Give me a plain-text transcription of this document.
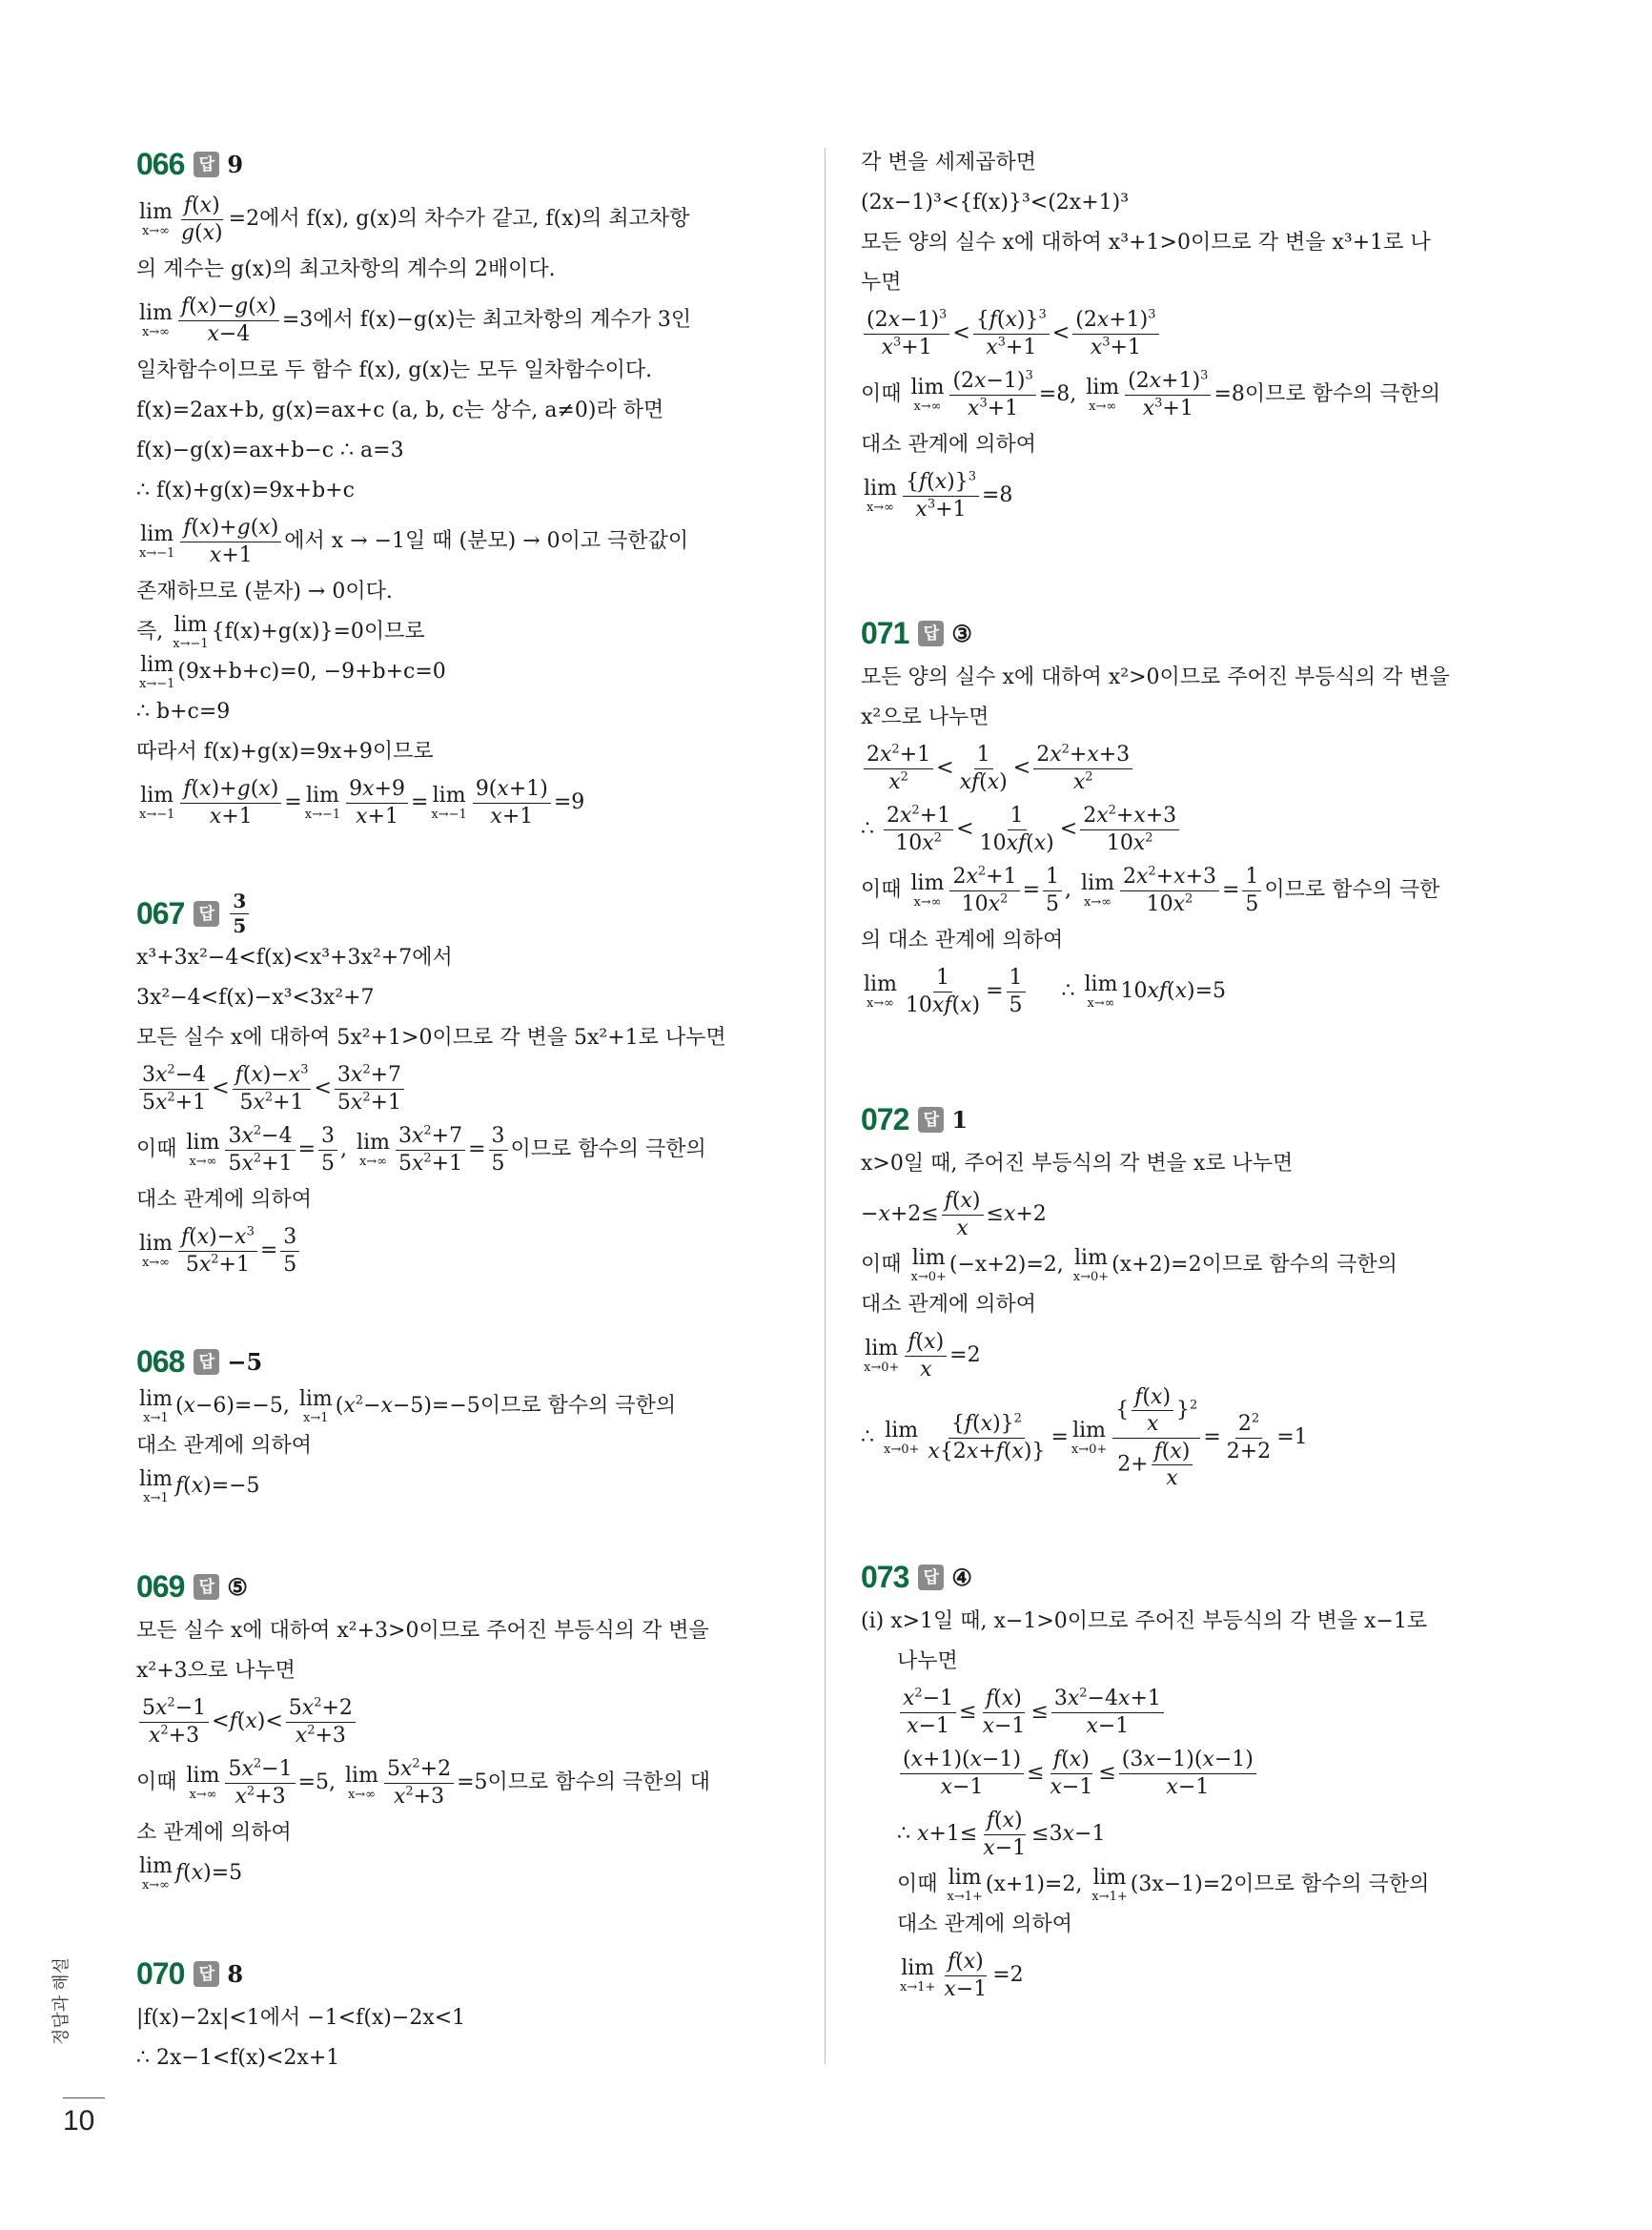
066 답 9
lim
$x\to\infty \frac{f(x)}{g(x)} =2$에서 f(x), g(x)의 차수가 같고, f(x)의 최고차항
의 계수는 g(x)의 최고차항의 계수의 2배이다.
lim
$x\to\infty \frac{f(x)-g(x)}{x-4} =3$에서 f(x)−g(x)는 최고차항의 계수가 3인
일차함수이므로 두 함수 f(x), g(x)는 모두 일차함수이다.
f(x)=2ax+b, g(x)=ax+c (a, b, c는 상수, a≠0)라 하면
f(x)−g(x)=ax+b−c ∴ a=3
∴ f(x)+g(x)=9x+b+c
lim
$x\to-1 \frac{f(x)+g(x)}{x+1}$ 에서 x → −1일 때 (분모) → 0이고 극한값이
존재하므로 (분자) → 0이다.
즉, lim
x→−1 {f(x)+g(x)}=0이므로
lim
x→−1 (9x+b+c)=0, −9+b+c=0
∴ b+c=9
따라서 f(x)+g(x)=9x+9이므로
lim
$x\to-1 \frac{f(x)+g(x)}{x+1} = \lim$
$x\to-1 \frac{9x+9}{x+1} = \lim$
$x\to-1 \frac{9(x+1)}{x+1} =9$
067 답 $\frac{3}{5}$
x³+3x²−4<f(x)<x³+3x²+7에서
3x²−4<f(x)−x³<3x²+7
모든 실수 x에 대하여 5x²+1>0이므로 각 변을 5x²+1로 나누면
$\frac{3x^2-4}{5x^2+1} < \frac{f(x)-x^3}{5x^2+1} < \frac{3x^2+7}{5x^2+1}$
이때 lim
$x\to\infty \frac{3x^2-4}{5x^2+1} = \frac{3}{5}$ , lim
$x\to\infty \frac{3x^2+7}{5x^2+1} = \frac{3}{5}$ 이므로 함수의 극한의
대소 관계에 의하여
lim
$x\to\infty \frac{f(x)-x^3}{5x^2+1} = \frac{3}{5}$
068 답 −5
lim
x→1 (x−6)=−5, lim
x→1 $(x^2-x-5)=-5$이므로 함수의 극한의
대소 관계에 의하여
lim
x→1 f(x)=−5
069 답 ⑤
모든 실수 x에 대하여 x²+3>0이므로 주어진 부등식의 각 변을
x²+3으로 나누면
$\frac{5x^2-1}{x^2+3} <f(x)< \frac{5x^2+2}{x^2+3}$
이때 lim
$x\to\infty \frac{5x^2-1}{x^2+3} =5$, lim
$x\to\infty \frac{5x^2+2}{x^2+3} =5$이므로 함수의 극한의 대
소 관계에 의하여
lim
x→∞ f(x)=5
070 답 8
|f(x)−2x|<1에서 −1<f(x)−2x<1
∴ 2x−1<f(x)<2x+1
각 변을 세제곱하면
(2x−1)³<{f(x)}³<(2x+1)³
모든 양의 실수 x에 대하여 x³+1>0이므로 각 변을 x³+1로 나
누면
$\frac{(2x-1)^3}{x^3+1} < \frac{\{f(x)\}^3}{x^3+1} < \frac{(2x+1)^3}{x^3+1}$
이때 lim
$x\to\infty \frac{(2x-1)^3}{x^3+1} =8$, lim
$x\to\infty \frac{(2x+1)^3}{x^3+1} =8$이므로 함수의 극한의
대소 관계에 의하여
lim
$x\to\infty \frac{\{f(x)\}^3}{x^3+1} =8$
071 답 ③
모든 양의 실수 x에 대하여 x²>0이므로 주어진 부등식의 각 변을
x²으로 나누면
$\frac{2x^2+1}{x^2} < \frac{1}{xf(x)} < \frac{2x^2+x+3}{x^2}$
∴ $\frac{2x^2+1}{10x^2} < \frac{1}{10xf(x)} < \frac{2x^2+x+3}{10x^2}$
이때 lim
$x\to\infty \frac{2x^2+1}{10x^2} = \frac{1}{5}$ , lim
$x\to\infty \frac{2x^2+x+3}{10x^2} = \frac{1}{5}$ 이므로 함수의 극한
의 대소 관계에 의하여
lim
$x\to\infty \frac{1}{10xf(x)} = \frac{1}{5}$ ∴ lim
x→∞ 10xf(x)=5
072 답 1
x>0일 때, 주어진 부등식의 각 변을 x로 나누면
$-x+2\le \frac{f(x)}{x} \le x+2$
이때 lim
x→0+ (−x+2)=2, lim
x→0+ (x+2)=2이므로 함수의 극한의
대소 관계에 의하여
lim
$x\to 0+ \frac{f(x)}{x} =2$
∴ lim
$x\to 0+ \frac{\{f(x)\}^2}{x\{2x+f(x)\}} = \lim$
$x\to 0+ \frac{\{ \frac{f(x)}{x} \}^2}{2+ \frac{f(x)}{x}} = \frac{2^2}{2+2} =1$
073 답 ④
(ⅰ) x>1일 때, x−1>0이므로 주어진 부등식의 각 변을 x−1로
나누면
$\frac{x^2-1}{x-1} \le \frac{f(x)}{x-1} \le \frac{3x^2-4x+1}{x-1}$
$\frac{(x+1)(x-1)}{x-1} \le \frac{f(x)}{x-1} \le \frac{(3x-1)(x-1)}{x-1}$
∴ $x+1\le \frac{f(x)}{x-1} \le 3x-1$
이때 lim
x→1+ (x+1)=2, lim
x→1+ (3x−1)=2이므로 함수의 극한의
대소 관계에 의하여
lim
$x\to 1+ \frac{f(x)}{x-1} =2$
정답과 해설
10
